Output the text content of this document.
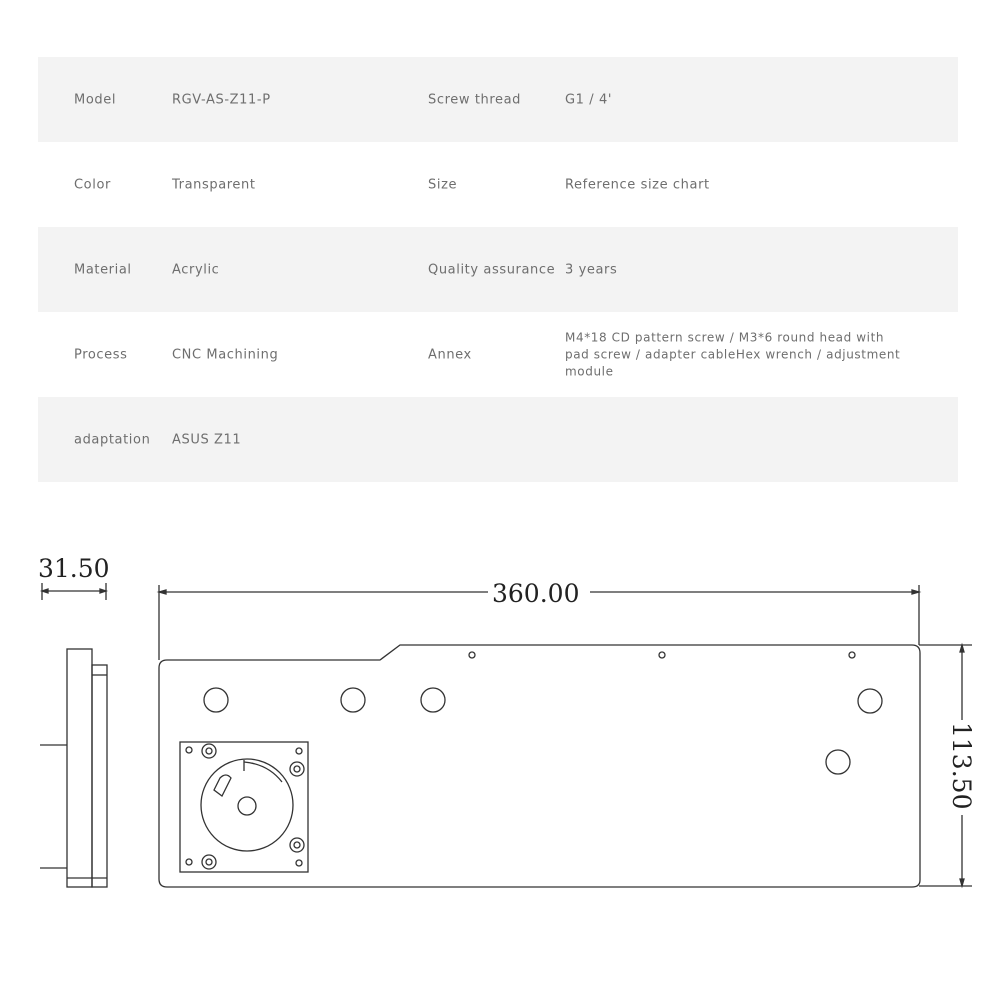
Model	RGV-AS-Z11-P	Screw thread	G1 / 4'
Color	Transparent	Size	Reference size chart
Material	Acrylic	Quality assurance 3 years
Process	CNC Machining	Annex
M4*18 CD pattern screw / M3*6 round head with pad screw / adapter cableHex wrench / adjustment module
adaptation ASUS Z11
31.50
360.00
113.50
